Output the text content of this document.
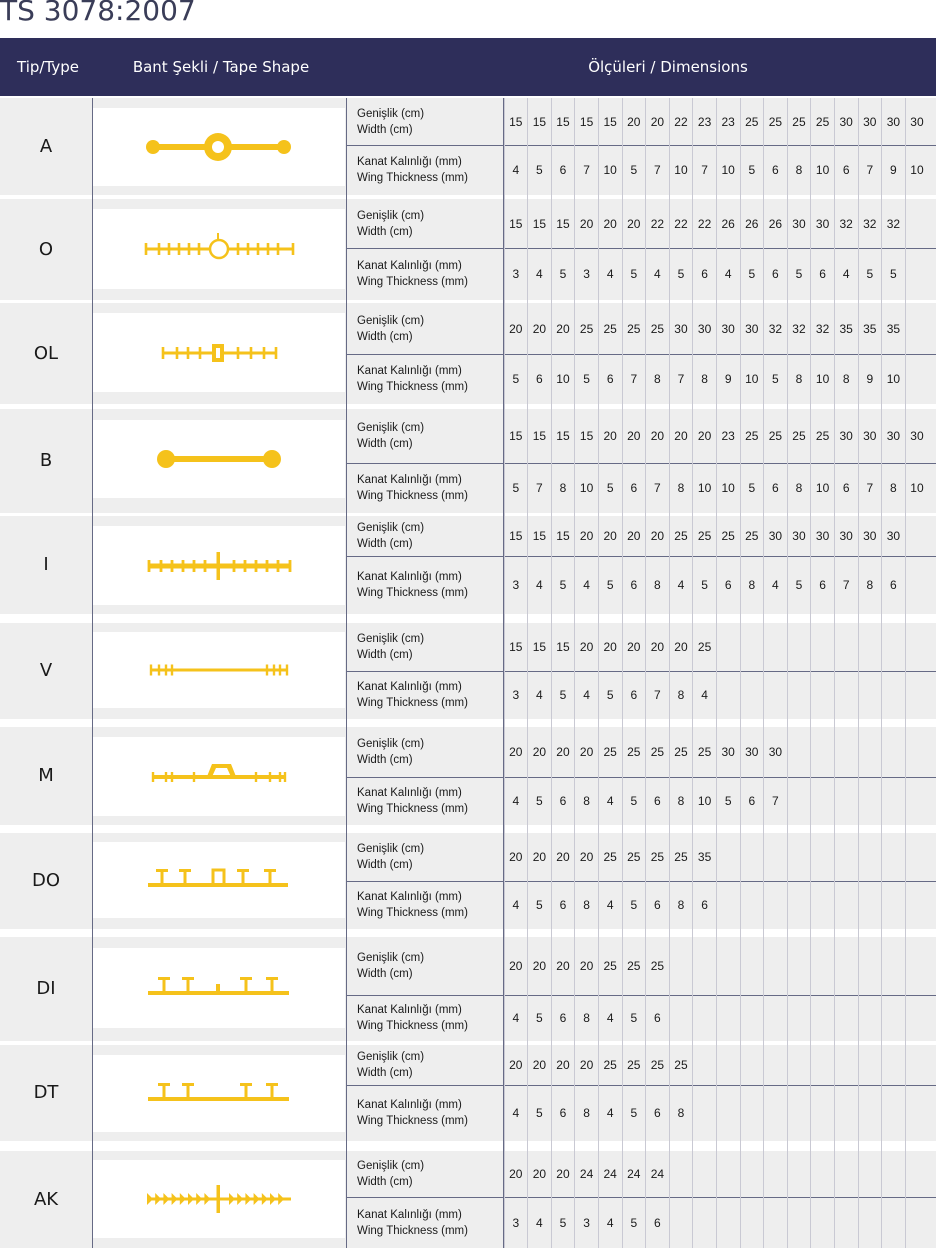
TS 3078:2007
Tip/Type	Bant Şekli / Tape Shape	Ölçüleri / Dimensions
A
Genişlik (cm)
Width (cm)
15 15 15 15 15 20 20 22 23 23 25 25 25 25 30 30 30 30
Kanat Kalınlığı (mm)
Wing Thickness (mm)
4	5	6	7	10	5	7	10	7	10	5	6	8	10	6	7	9	10
O
Genişlik (cm)
Width (cm)
15 15 15 20 20 20 22 22 22 26 26 26 30 30 32 32 32
Kanat Kalınlığı (mm)
Wing Thickness (mm)
3	4	5	3	4	5	4	5	6	4	5	6	5	6	4	5	5
OL
Genişlik (cm)
Width (cm)
20 20 20 25 25 25 25 30 30 30 30 32 32 32 35 35 35
Kanat Kalınlığı (mm)
Wing Thickness (mm)
5	6	10	5	6	7	8	7	8	9	10	5	8	10	8	9	10
B
Genişlik (cm)
Width (cm)
15 15 15 15 20 20 20 20 20 23 25 25 25 25 30 30 30 30
Kanat Kalınlığı (mm)
Wing Thickness (mm)
5	7	8	10	5	6	7	8	10 10	5	6	8	10	6	7	8	10
I
Genişlik (cm)
Width (cm)
15 15 15 20 20 20 20 25 25 25 25 30 30 30 30 30 30
Kanat Kalınlığı (mm)
Wing Thickness (mm)
3	4	5	4	5	6	8	4	5	6	8	4	5	6	7	8	6
V
Genişlik (cm)
Width (cm)
15 15 15 20 20 20 20 20 25
Kanat Kalınlığı (mm)
Wing Thickness (mm)
3	4	5	4	5	6	7	8	4
M
Genişlik (cm)
Width (cm)
20 20 20 20 25 25 25 25 25 30 30 30
Kanat Kalınlığı (mm)
Wing Thickness (mm)
4	5	6	8	4	5	6	8	10	5	6	7
DO
Genişlik (cm)
Width (cm)
20 20 20 20 25 25 25 25 35
Kanat Kalınlığı (mm)
Wing Thickness (mm)
4	5	6	8	4	5	6	8	6
DI
Genişlik (cm)
Width (cm)
20 20 20 20 25 25 25
Kanat Kalınlığı (mm)
Wing Thickness (mm)
4	5	6	8	4	5	6
DT
Genişlik (cm)
Width (cm)
20 20 20 20 25 25 25 25
Kanat Kalınlığı (mm)
Wing Thickness (mm)
4	5	6	8	4	5	6	8
AK
Genişlik (cm)
Width (cm)
20 20 20 24 24 24 24
Kanat Kalınlığı (mm)
Wing Thickness (mm)
3	4	5	3	4	5	6
